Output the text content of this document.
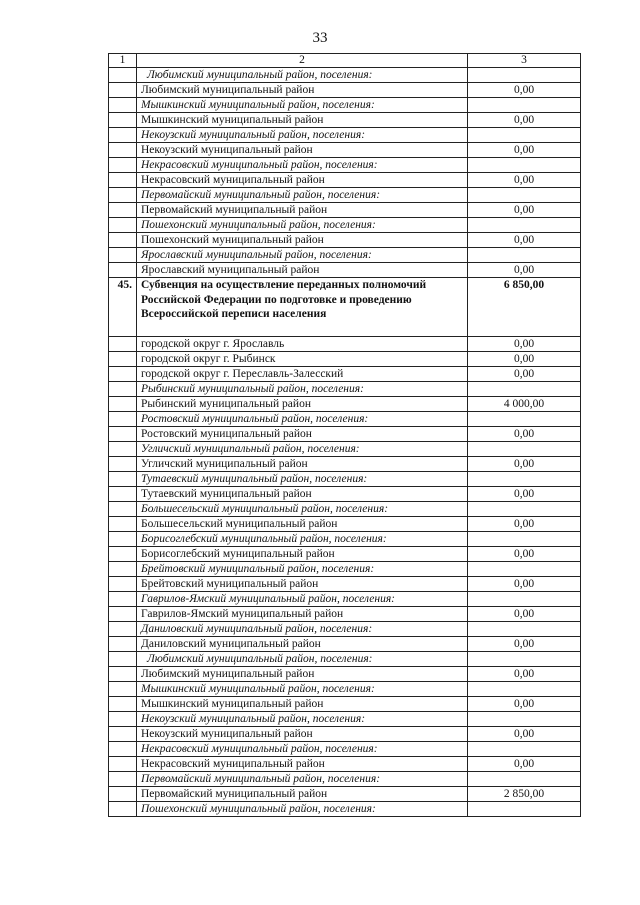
33
1	2	3
	Любимский муниципальный район, поселения:	
	Любимский муниципальный район	0,00
	Мышкинский муниципальный район, поселения:	
	Мышкинский муниципальный район	0,00
	Некоузский муниципальный район, поселения:	
	Некоузский муниципальный район	0,00
	Некрасовский муниципальный район, поселения:	
	Некрасовский муниципальный район	0,00
	Первомайский муниципальный район, поселения:	
	Первомайский муниципальный район	0,00
	Пошехонский муниципальный район, поселения:	
	Пошехонский муниципальный район	0,00
	Ярославский муниципальный район, поселения:	
	Ярославский муниципальный район	0,00
45.	Субвенция на осуществление переданных полномочий Российской Федерации по подготовке и проведению Всероссийской переписи населения	6 850,00
	городской округ г. Ярославль	0,00
	городской округ г. Рыбинск	0,00
	городской округ г. Переславль-Залесский	0,00
	Рыбинский муниципальный район, поселения:	
	Рыбинский муниципальный район	4 000,00
	Ростовский муниципальный район, поселения:	
	Ростовский муниципальный район	0,00
	Угличский муниципальный район, поселения:	
	Угличский муниципальный район	0,00
	Тутаевский муниципальный район, поселения:	
	Тутаевский муниципальный район	0,00
	Большесельский муниципальный район, поселения:	
	Большесельский муниципальный район	0,00
	Борисоглебский муниципальный район, поселения:	
	Борисоглебский муниципальный район	0,00
	Брейтовский муниципальный район, поселения:	
	Брейтовский муниципальный район	0,00
	Гаврилов-Ямский муниципальный район, поселения:	
	Гаврилов-Ямский муниципальный район	0,00
	Даниловский муниципальный район, поселения:	
	Даниловский муниципальный район	0,00
	Любимский муниципальный район, поселения:	
	Любимский муниципальный район	0,00
	Мышкинский муниципальный район, поселения:	
	Мышкинский муниципальный район	0,00
	Некоузский муниципальный район, поселения:	
	Некоузский муниципальный район	0,00
	Некрасовский муниципальный район, поселения:	
	Некрасовский муниципальный район	0,00
	Первомайский муниципальный район, поселения:	
	Первомайский муниципальный район	2 850,00
	Пошехонский муниципальный район, поселения:	
